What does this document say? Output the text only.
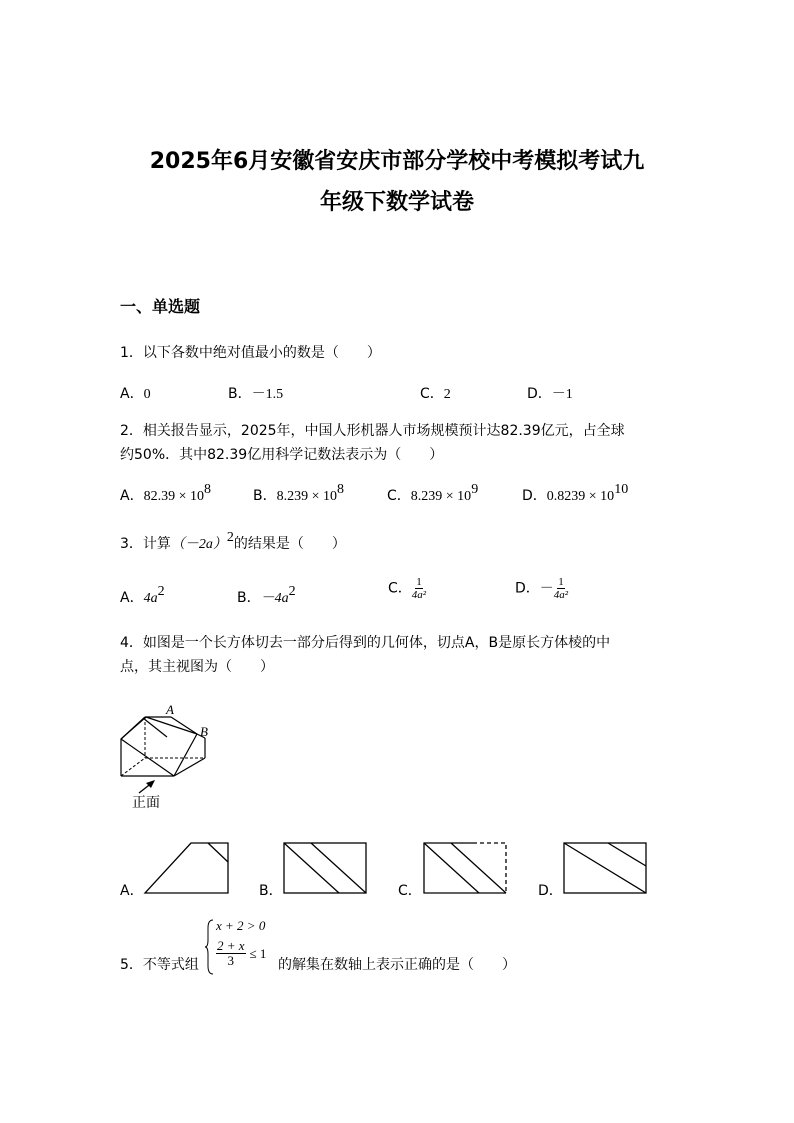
2025年6月安徽省安庆市部分学校中考模拟考试九
年级下数学试卷
一、单选题
1．以下各数中绝对值最小的数是（　　）
A．0	B．－1.5	C．2	D．－1
2．相关报告显示，2025年，中国人形机器人市场规模预计达82.39亿元，占全球
约50%．其中82.39亿用科学记数法表示为（　　）
A．$82.39 \times 10^8$	B．$8.239 \times 10^8$	C．$8.239 \times 10^9$	D．$0.8239 \times 10^{10}$
3．计算$(-2a)^2$的结果是（　　）
A．$4a^2$	B．$-4a^2$	C． $\frac{1}{\text{4a²}}$	D．－ $\frac{1}{\text{4a²}}$
4．如图是一个长方体切去一部分后得到的几何体，切点A，B是原长方体棱的中
点，其主视图为（　　）
A
B
正面
A．	B．	C．	D．
5．不等式组
x + 2 > 0
$\frac{2 + x}{3} \le 1$
的解集在数轴上表示正确的是（　　）
